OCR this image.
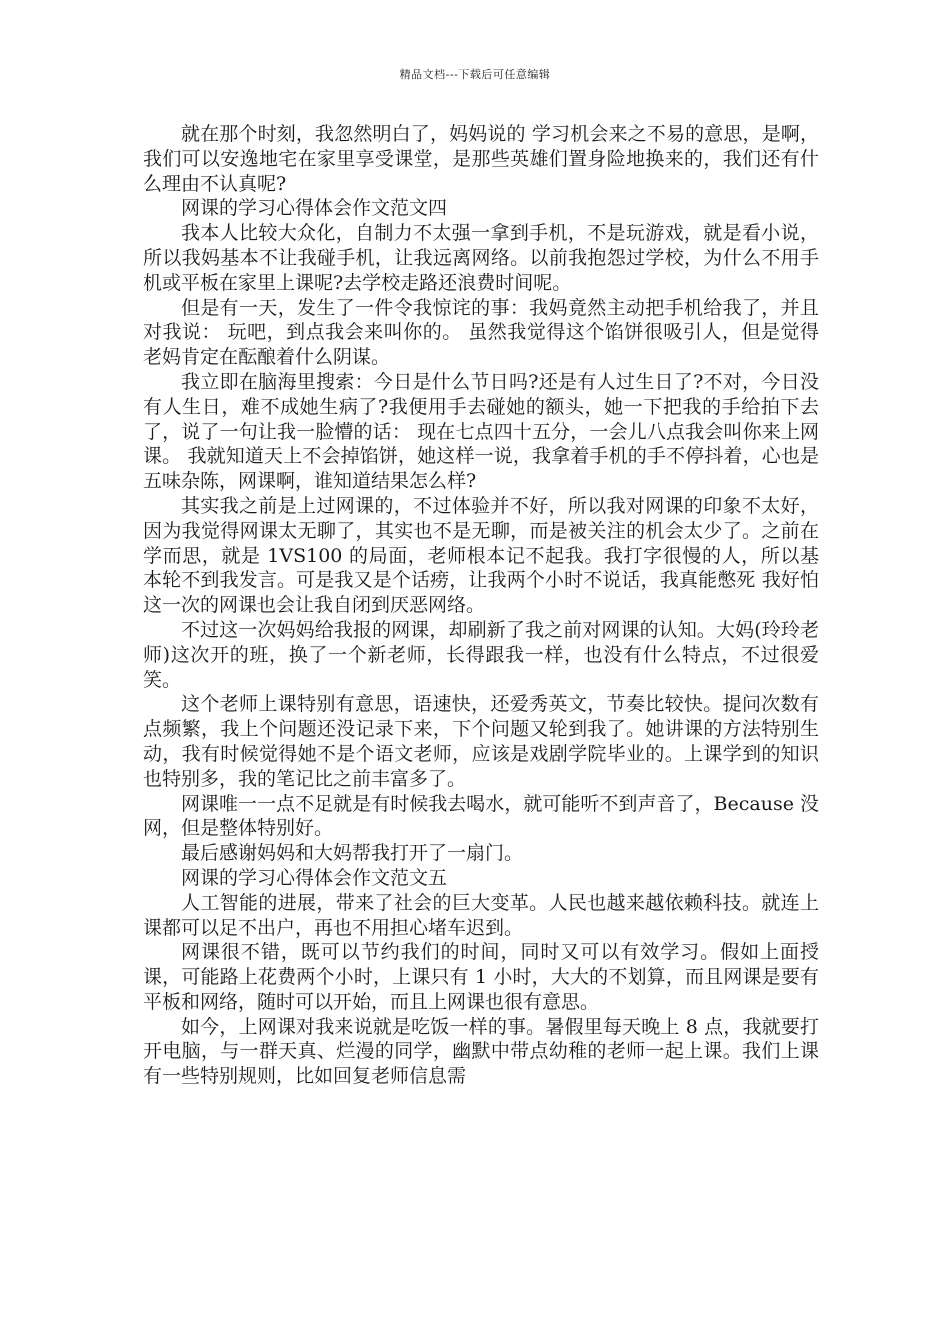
精品文档---下载后可任意编辑

就在那个时刻，我忽然明白了，妈妈说的 学习机会来之不易的意思，是啊，我们可以安逸地宅在家里享受课堂，是那些英雄们置身险地换来的，我们还有什么理由不认真呢?

网课的学习心得体会作文范文四

我本人比较大众化，自制力不太强一拿到手机，不是玩游戏，就是看小说，所以我妈基本不让我碰手机，让我远离网络。以前我抱怨过学校，为什么不用手机或平板在家里上课呢?去学校走路还浪费时间呢。

但是有一天，发生了一件令我惊诧的事：我妈竟然主动把手机给我了，并且对我说： 玩吧，到点我会来叫你的。 虽然我觉得这个馅饼很吸引人，但是觉得老妈肯定在酝酿着什么阴谋。

我立即在脑海里搜索：今日是什么节日吗?还是有人过生日了?不对，今日没有人生日，难不成她生病了?我便用手去碰她的额头，她一下把我的手给拍下去了，说了一句让我一脸懵的话： 现在七点四十五分，一会儿八点我会叫你来上网课。 我就知道天上不会掉馅饼，她这样一说，我拿着手机的手不停抖着，心也是五味杂陈，网课啊，谁知道结果怎么样?

其实我之前是上过网课的，不过体验并不好，所以我对网课的印象不太好，因为我觉得网课太无聊了，其实也不是无聊，而是被关注的机会太少了。之前在学而思，就是 1VS100 的局面，老师根本记不起我。我打字很慢的人，所以基本轮不到我发言。可是我又是个话痨，让我两个小时不说话，我真能憋死 我好怕这一次的网课也会让我自闭到厌恶网络。

不过这一次妈妈给我报的网课，却刷新了我之前对网课的认知。大妈(玲玲老师)这次开的班，换了一个新老师，长得跟我一样，也没有什么特点，不过很爱笑。

这个老师上课特别有意思，语速快，还爱秀英文，节奏比较快。提问次数有点频繁，我上个问题还没记录下来，下个问题又轮到我了。她讲课的方法特别生动，我有时候觉得她不是个语文老师，应该是戏剧学院毕业的。上课学到的知识也特别多，我的笔记比之前丰富多了。

网课唯一一点不足就是有时候我去喝水，就可能听不到声音了，Because 没网，但是整体特别好。

最后感谢妈妈和大妈帮我打开了一扇门。

网课的学习心得体会作文范文五

人工智能的进展，带来了社会的巨大变革。人民也越来越依赖科技。就连上课都可以足不出户，再也不用担心堵车迟到。

网课很不错，既可以节约我们的时间，同时又可以有效学习。假如上面授课，可能路上花费两个小时，上课只有 1 小时，大大的不划算，而且网课是要有平板和网络，随时可以开始，而且上网课也很有意思。

如今，上网课对我来说就是吃饭一样的事。暑假里每天晚上 8 点，我就要打开电脑，与一群天真、烂漫的同学，幽默中带点幼稚的老师一起上课。我们上课有一些特别规则，比如回复老师信息需
